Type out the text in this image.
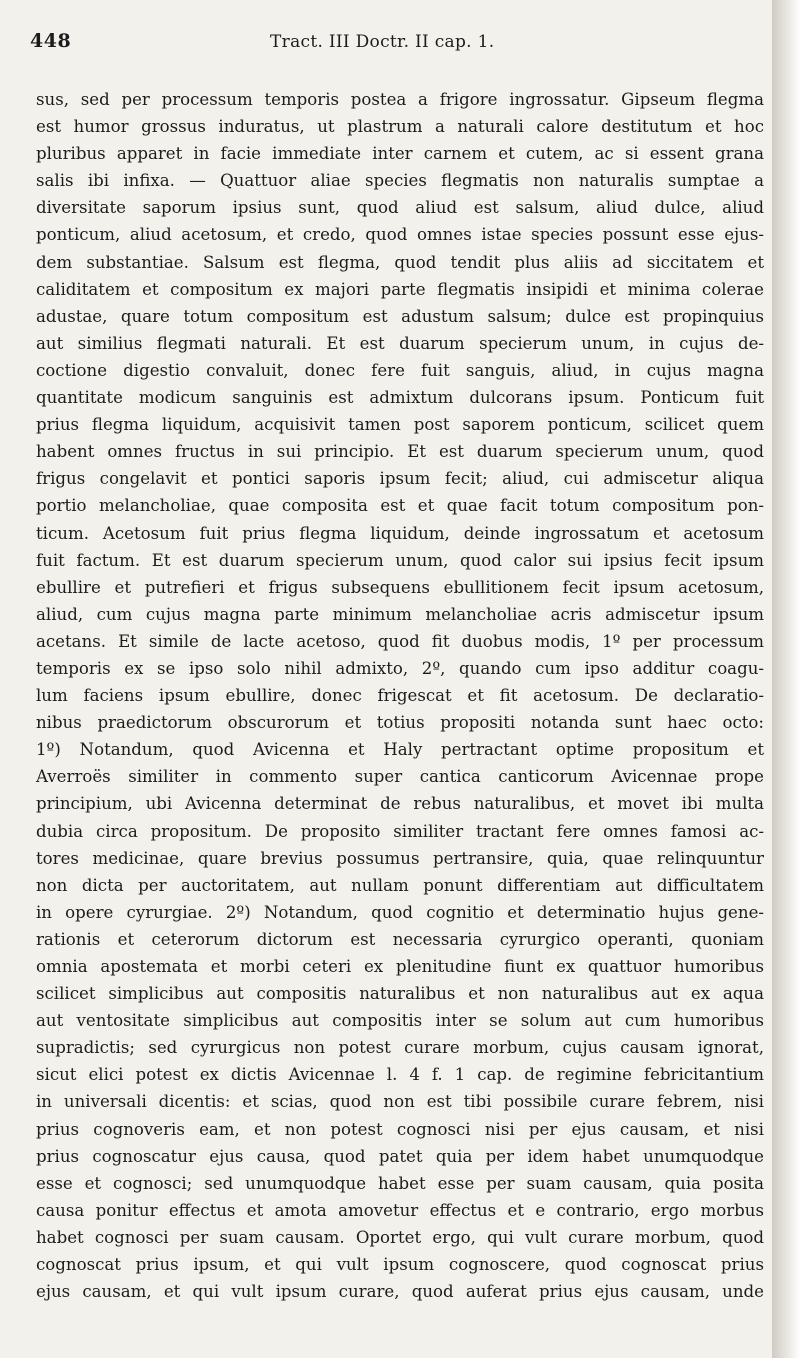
448	Tract. III Doctr. II cap. 1.
sus, sed per processum temporis postea a frigore ingrossatur. Gipseum flegma
est humor grossus induratus, ut plastrum a naturali calore destitutum et hoc
pluribus apparet in facie immediate inter carnem et cutem, ac si essent grana
salis ibi infixa. — Quattuor aliae species flegmatis non naturalis sumptae a
diversitate saporum ipsius sunt, quod aliud est salsum, aliud dulce, aliud
ponticum, aliud acetosum, et credo, quod omnes istae species possunt esse ejus-
dem substantiae. Salsum est flegma, quod tendit plus aliis ad siccitatem et
caliditatem et compositum ex majori parte flegmatis insipidi et minima colerae
adustae, quare totum compositum est adustum salsum; dulce est propinquius
aut similius flegmati naturali. Et est duarum specierum unum, in cujus de-
coctione digestio convaluit, donec fere fuit sanguis, aliud, in cujus magna
quantitate modicum sanguinis est admixtum dulcorans ipsum. Ponticum fuit
prius flegma liquidum, acquisivit tamen post saporem ponticum, scilicet quem
habent omnes fructus in sui principio. Et est duarum specierum unum, quod
frigus congelavit et pontici saporis ipsum fecit; aliud, cui admiscetur aliqua
portio melancholiae, quae composita est et quae facit totum compositum pon-
ticum. Acetosum fuit prius flegma liquidum, deinde ingrossatum et acetosum
fuit factum. Et est duarum specierum unum, quod calor sui ipsius fecit ipsum
ebullire et putrefieri et frigus subsequens ebullitionem fecit ipsum acetosum,
aliud, cum cujus magna parte minimum melancholiae acris admiscetur ipsum
acetans. Et simile de lacte acetoso, quod fit duobus modis, 1º per processum
temporis ex se ipso solo nihil admixto, 2º, quando cum ipso additur coagu-
lum faciens ipsum ebullire, donec frigescat et fit acetosum. De declaratio-
nibus praedictorum obscurorum et totius propositi notanda sunt haec octo:
1º) Notandum, quod Avicenna et Haly pertractant optime propositum et
Averroës similiter in commento super cantica canticorum Avicennae prope
principium, ubi Avicenna determinat de rebus naturalibus, et movet ibi multa
dubia circa propositum. De proposito similiter tractant fere omnes famosi ac-
tores medicinae, quare brevius possumus pertransire, quia, quae relinquuntur
non dicta per auctoritatem, aut nullam ponunt differentiam aut difficultatem
in opere cyrurgiae. 2º) Notandum, quod cognitio et determinatio hujus gene-
rationis et ceterorum dictorum est necessaria cyrurgico operanti, quoniam
omnia apostemata et morbi ceteri ex plenitudine fiunt ex quattuor humoribus
scilicet simplicibus aut compositis naturalibus et non naturalibus aut ex aqua
aut ventositate simplicibus aut compositis inter se solum aut cum humoribus
supradictis; sed cyrurgicus non potest curare morbum, cujus causam ignorat,
sicut elici potest ex dictis Avicennae l. 4 f. 1 cap. de regimine febricitantium
in universali dicentis: et scias, quod non est tibi possibile curare febrem, nisi
prius cognoveris eam, et non potest cognosci nisi per ejus causam, et nisi
prius cognoscatur ejus causa, quod patet quia per idem habet unumquodque
esse et cognosci; sed unumquodque habet esse per suam causam, quia posita
causa ponitur effectus et amota amovetur effectus et e contrario, ergo morbus
habet cognosci per suam causam. Oportet ergo, qui vult curare morbum, quod
cognoscat prius ipsum, et qui vult ipsum cognoscere, quod cognoscat prius
ejus causam, et qui vult ipsum curare, quod auferat prius ejus causam, unde
